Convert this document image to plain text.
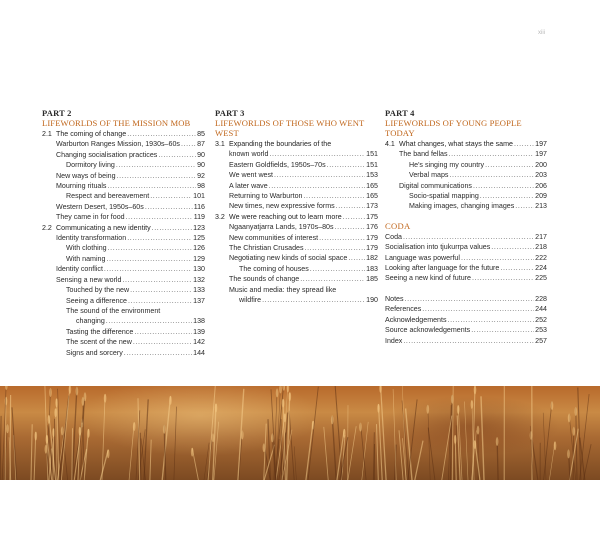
xiii
PART 2
LIFEWORLDS OF THE MISSION MOB
2.1 The coming of change .....	85
Warburton Ranges Mission, 1930s–60s ..... 87
Changing socialisation practices .....	90
Dormitory living .....	90
New ways of being .....	92
Mourning rituals .....	98
Respect and bereavement .....	101
Western Desert, 1950s–60s .....	116
They came in for food .....	119
2.2 Communicating a new identity .....	123
Identity transformation .....	125
With clothing .....	126
With naming .....	129
Identity conflict .....	130
Sensing a new world .....	132
Touched by the new .....	133
Seeing a difference .....	137
The sound of the environment
changing .....	138
Tasting the difference .....	139
The scent of the new .....	142
Signs and sorcery .....	144
PART 3
LIFEWORLDS OF THOSE WHO WENT
WEST
3.1 Expanding the boundaries of the
known world .....	151
Eastern Goldfields, 1950s–70s .....	151
We went west .....	153
A later wave .....	165
Returning to Warburton .....	165
New times, new expressive forms .....	173
3.2 We were reaching out to learn more .....	175
Ngaanyatjarra Lands, 1970s–80s .....	176
New communities of interest .....	179
The Christian Crusades .....	179
Negotiating new kinds of social space .....	182
The coming of houses .....	183
The sounds of change .....	185
Music and media: they spread like
wildfire .....	190
PART 4
LIFEWORLDS OF YOUNG PEOPLE TODAY
4.1 What changes, what stays the same .....	197
The band fellas .....	197
He's singing my country .....	200
Verbal maps .....	203
Digital communications .....	206
Socio-spatial mapping .....	209
Making images, changing images .....	213
CODA
Coda .....	217
Socialisation into tjukurrpa values .....	218
Language was powerful .....	222
Looking after language for the future .....	224
Seeing a new kind of future .....	225
Notes .....	228
References .....	244
Acknowledgements .....	252
Source acknowledgements .....	253
Index .....	257
